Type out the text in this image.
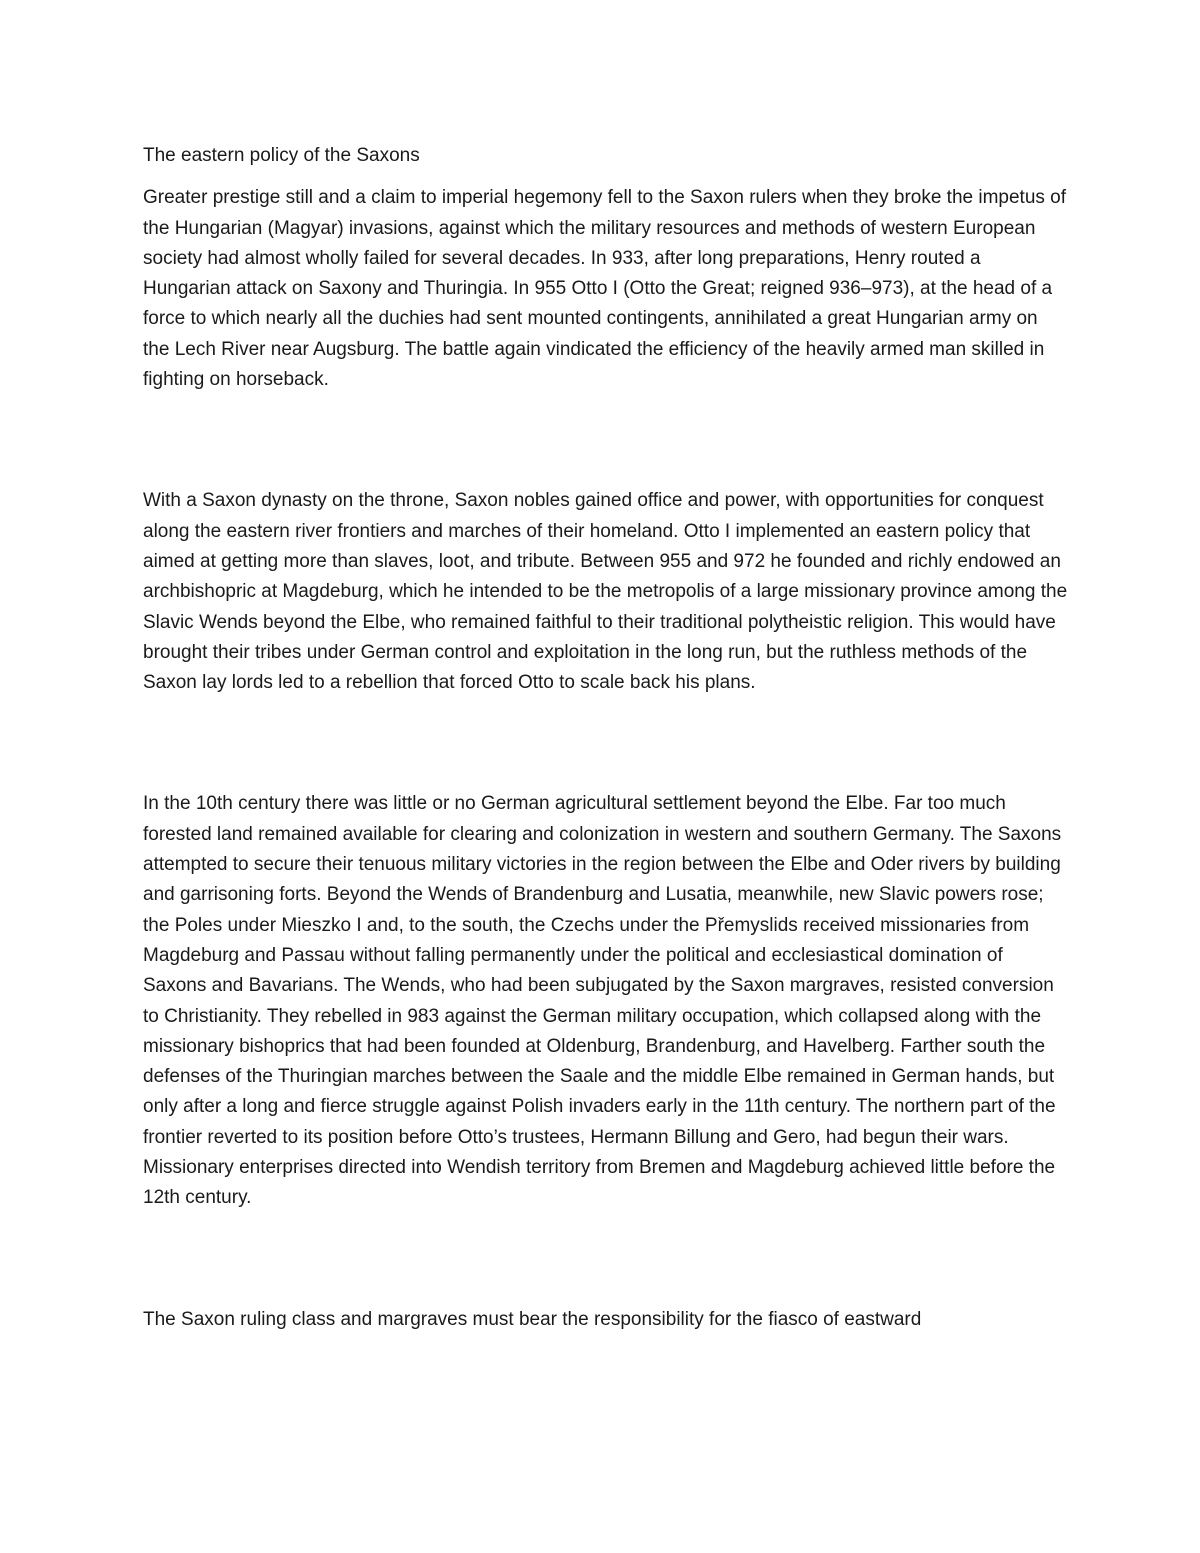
The eastern policy of the Saxons

Greater prestige still and a claim to imperial hegemony fell to the Saxon rulers when they broke the impetus of the Hungarian (Magyar) invasions, against which the military resources and methods of western European society had almost wholly failed for several decades. In 933, after long preparations, Henry routed a Hungarian attack on Saxony and Thuringia. In 955 Otto I (Otto the Great; reigned 936–973), at the head of a force to which nearly all the duchies had sent mounted contingents, annihilated a great Hungarian army on the Lech River near Augsburg. The battle again vindicated the efficiency of the heavily armed man skilled in fighting on horseback.

With a Saxon dynasty on the throne, Saxon nobles gained office and power, with opportunities for conquest along the eastern river frontiers and marches of their homeland. Otto I implemented an eastern policy that aimed at getting more than slaves, loot, and tribute. Between 955 and 972 he founded and richly endowed an archbishopric at Magdeburg, which he intended to be the metropolis of a large missionary province among the Slavic Wends beyond the Elbe, who remained faithful to their traditional polytheistic religion. This would have brought their tribes under German control and exploitation in the long run, but the ruthless methods of the Saxon lay lords led to a rebellion that forced Otto to scale back his plans.

In the 10th century there was little or no German agricultural settlement beyond the Elbe. Far too much forested land remained available for clearing and colonization in western and southern Germany. The Saxons attempted to secure their tenuous military victories in the region between the Elbe and Oder rivers by building and garrisoning forts. Beyond the Wends of Brandenburg and Lusatia, meanwhile, new Slavic powers rose; the Poles under Mieszko I and, to the south, the Czechs under the Přemyslids received missionaries from Magdeburg and Passau without falling permanently under the political and ecclesiastical domination of Saxons and Bavarians. The Wends, who had been subjugated by the Saxon margraves, resisted conversion to Christianity. They rebelled in 983 against the German military occupation, which collapsed along with the missionary bishoprics that had been founded at Oldenburg, Brandenburg, and Havelberg. Farther south the defenses of the Thuringian marches between the Saale and the middle Elbe remained in German hands, but only after a long and fierce struggle against Polish invaders early in the 11th century. The northern part of the frontier reverted to its position before Otto’s trustees, Hermann Billung and Gero, had begun their wars. Missionary enterprises directed into Wendish territory from Bremen and Magdeburg achieved little before the 12th century.

The Saxon ruling class and margraves must bear the responsibility for the fiasco of eastward
